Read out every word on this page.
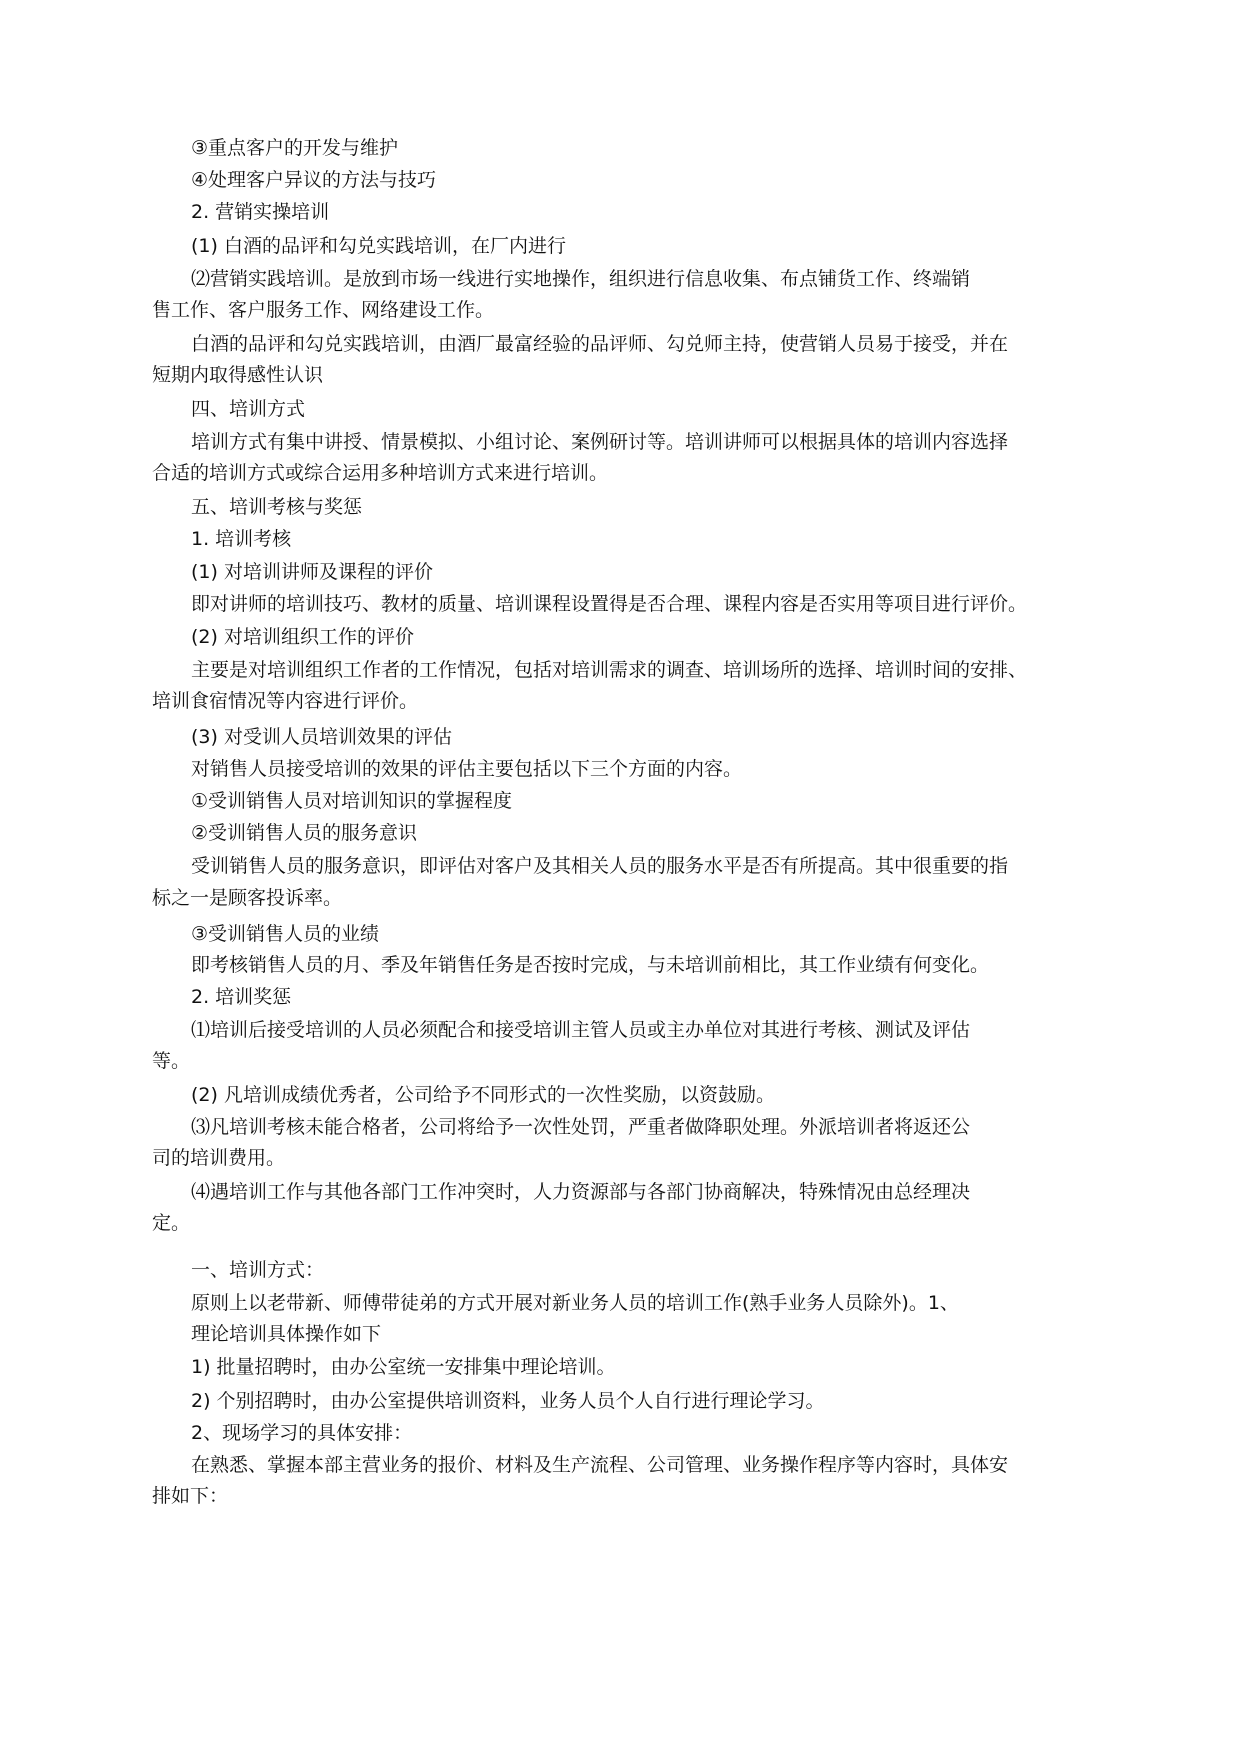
③重点客户的开发与维护
④处理客户异议的方法与技巧
2. 营销实操培训
(1) 白酒的品评和勾兑实践培训，在厂内进行
⑵营销实践培训。是放到市场一线进行实地操作，组织进行信息收集、布点铺货工作、终端销
售工作、客户服务工作、网络建设工作。
白酒的品评和勾兑实践培训，由酒厂最富经验的品评师、勾兑师主持，使营销人员易于接受，并在
短期内取得感性认识
四、培训方式
培训方式有集中讲授、情景模拟、小组讨论、案例研讨等。培训讲师可以根据具体的培训内容选择
合适的培训方式或综合运用多种培训方式来进行培训。
五、培训考核与奖惩
1. 培训考核
(1) 对培训讲师及课程的评价
即对讲师的培训技巧、教材的质量、培训课程设置得是否合理、课程内容是否实用等项目进行评价。
(2) 对培训组织工作的评价
主要是对培训组织工作者的工作情况，包括对培训需求的调查、培训场所的选择、培训时间的安排、
培训食宿情况等内容进行评价。
(3) 对受训人员培训效果的评估
对销售人员接受培训的效果的评估主要包括以下三个方面的内容。
①受训销售人员对培训知识的掌握程度
②受训销售人员的服务意识
受训销售人员的服务意识，即评估对客户及其相关人员的服务水平是否有所提高。其中很重要的指
标之一是顾客投诉率。
③受训销售人员的业绩
即考核销售人员的月、季及年销售任务是否按时完成，与未培训前相比，其工作业绩有何变化。
2. 培训奖惩
⑴培训后接受培训的人员必须配合和接受培训主管人员或主办单位对其进行考核、测试及评估
等。
(2) 凡培训成绩优秀者，公司给予不同形式的一次性奖励，以资鼓励。
⑶凡培训考核未能合格者，公司将给予一次性处罚，严重者做降职处理。外派培训者将返还公
司的培训费用。
⑷遇培训工作与其他各部门工作冲突时，人力资源部与各部门协商解决，特殊情况由总经理决
定。
一、培训方式：
原则上以老带新、师傅带徒弟的方式开展对新业务人员的培训工作(熟手业务人员除外)。1、
理论培训具体操作如下
1) 批量招聘时，由办公室统一安排集中理论培训。
2) 个别招聘时，由办公室提供培训资料，业务人员个人自行进行理论学习。
2、现场学习的具体安排：
在熟悉、掌握本部主营业务的报价、材料及生产流程、公司管理、业务操作程序等内容时，具体安
排如下：
